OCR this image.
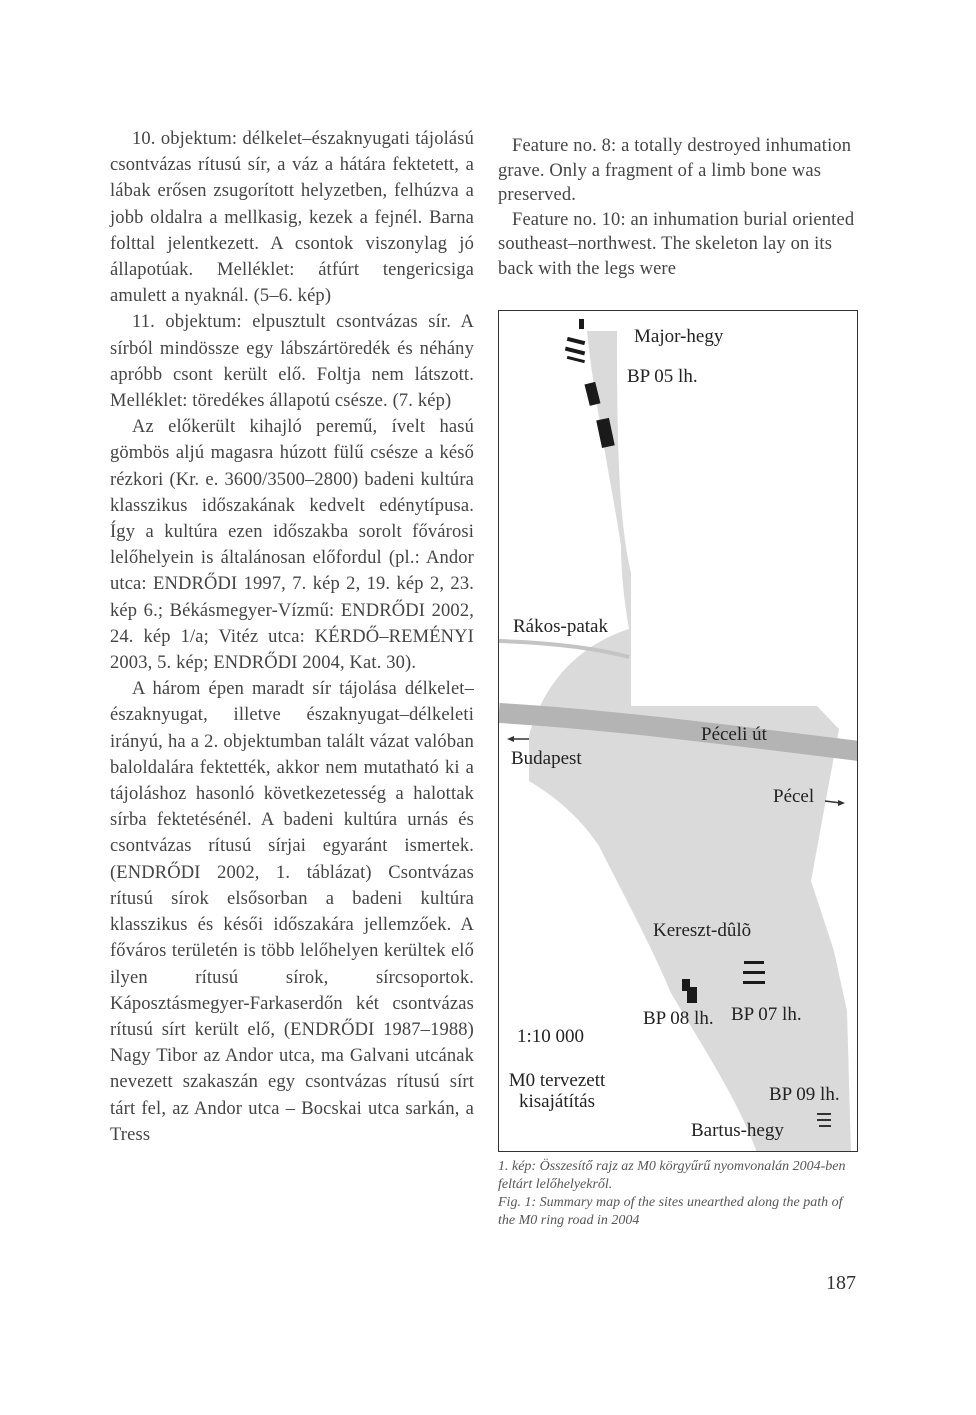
10. objektum: délkelet–északnyugati tájolású csontvázas rítusú sír, a váz a hátára fektetett, a lábak erősen zsugorított helyzetben, felhúzva a jobb oldalra a mellkasig, kezek a fejnél. Barna folttal jelentkezett. A csontok viszonylag jó állapotúak. Melléklet: átfúrt tengericsiga amulett a nyaknál. (5–6. kép)

11. objektum: elpusztult csontvázas sír. A sírból mindössze egy lábszártöredék és néhány apróbb csont került elő. Foltja nem látszott. Melléklet: töredékes állapotú csésze. (7. kép)

Az előkerült kihajló peremű, ívelt hasú gömbös aljú magasra húzott fülű csésze a késő rézkori (Kr. e. 3600/3500–2800) badeni kultúra klasszikus időszakának kedvelt edénytípusa. Így a kultúra ezen időszakba sorolt fővárosi lelőhelyein is általánosan előfordul (pl.: Andor utca: ENDRŐDI 1997, 7. kép 2, 19. kép 2, 23. kép 6.; Békásmegyer-Vízmű: ENDRŐDI 2002, 24. kép 1/a; Vitéz utca: KÉRDŐ–REMÉNYI 2003, 5. kép; ENDRŐDI 2004, Kat. 30).

A három épen maradt sír tájolása délkelet–északnyugat, illetve északnyugat–délkeleti irányú, ha a 2. objektumban talált vázat valóban baloldalára fektették, akkor nem mutatható ki a tájoláshoz hasonló következetesség a halottak sírba fektetésénél. A badeni kultúra urnás és csontvázas rítusú sírjai egyaránt ismertek. (ENDRŐDI 2002, 1. táblázat) Csontvázas rítusú sírok elsősorban a badeni kultúra klasszikus és késői időszakára jellemzőek. A főváros területén is több lelőhelyen kerültek elő ilyen rítusú sírok, sírcsoportok. Káposztásmegyer-Farkaserdőn két csontvázas rítusú sírt került elő, (ENDRŐDI 1987–1988) Nagy Tibor az Andor utca, ma Galvani utcának nevezett szakaszán egy csontvázas rítusú sírt tárt fel, az Andor utca – Bocskai utca sarkán, a Tress

Feature no. 8: a totally destroyed inhumation grave. Only a fragment of a limb bone was preserved.

Feature no. 10: an inhumation burial oriented southeast–northwest. The skeleton lay on its back with the legs were

Major-hegy
BP 05 lh.
Rákos-patak
Péceli út
Budapest
Pécel
Kereszt-dûlõ
BP 08 lh. BP 07 lh.
1:10 000
M0 tervezett
kisajátítás	BP 09 lh.
Bartus-hegy

1. kép: Összesítő rajz az M0 körgyűrű nyomvonalán 2004-ben feltárt lelőhelyekről.

Fig. 1: Summary map of the sites unearthed along the path of the M0 ring road in 2004

187
